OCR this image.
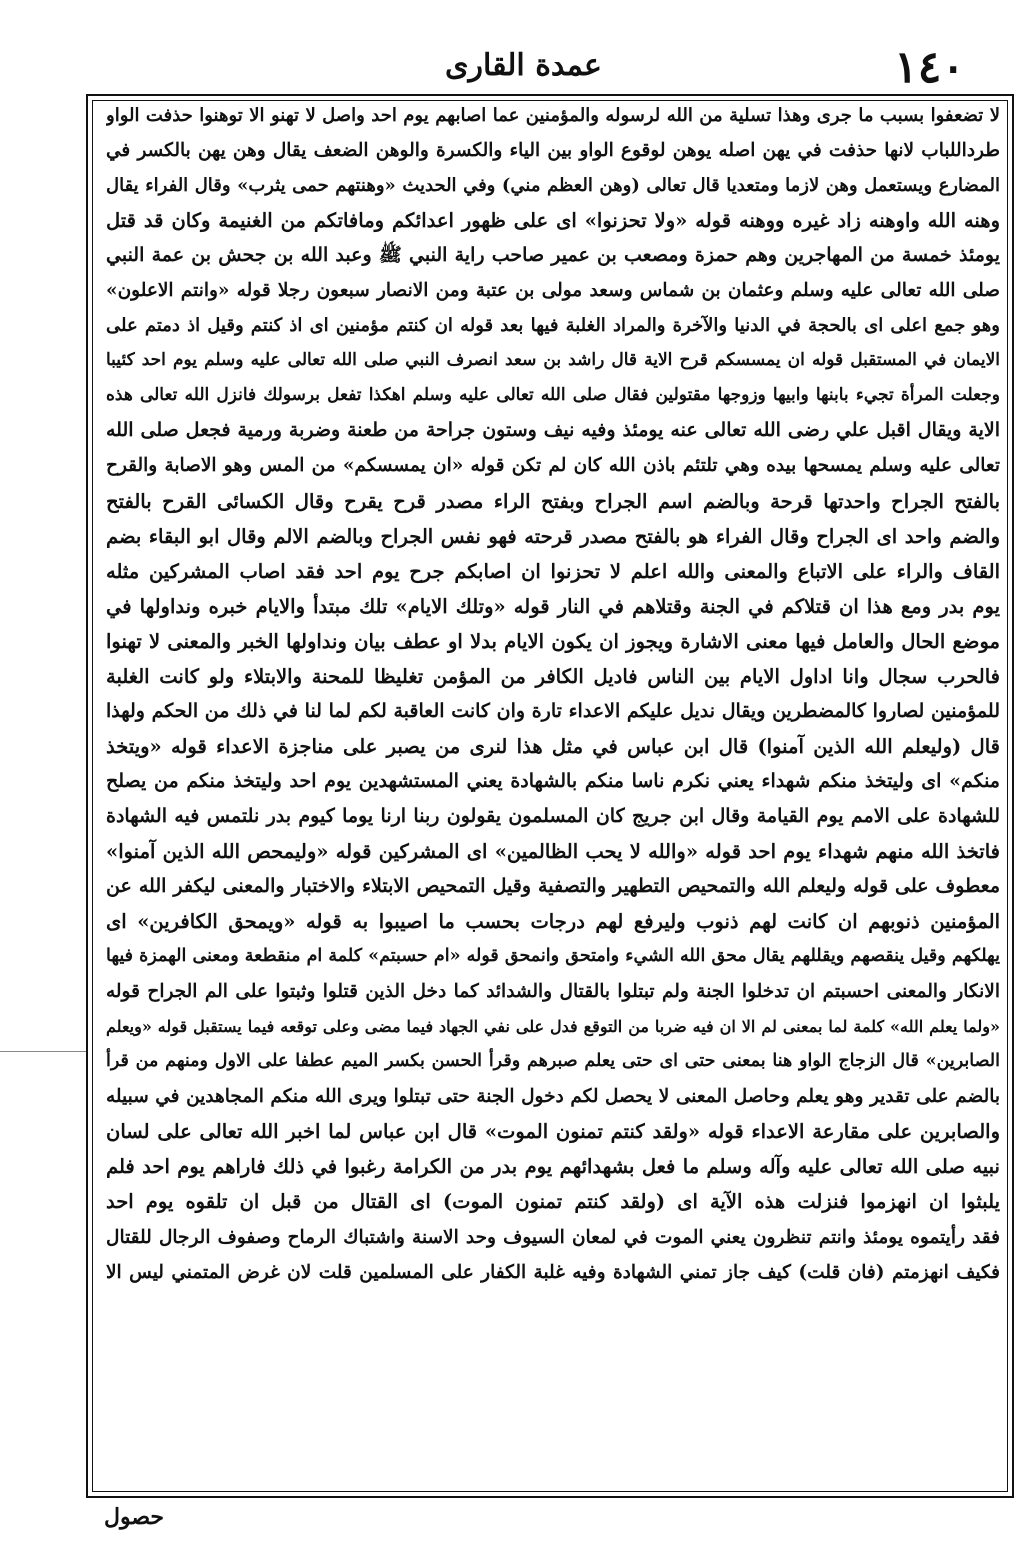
١٤٠
عمدة القارى
لا تضعفوا بسبب ما جرى وهذا تسلية من الله لرسوله والمؤمنين عما اصابهم يوم احد واصل لا تهنو الا توهنوا حذفت الواو
طرداللباب لانها حذفت في يهن اصله يوهن لوقوع الواو بين الياء والكسرة والوهن الضعف يقال وهن يهن بالكسر في
المضارع ويستعمل وهن لازما ومتعديا قال تعالى (وهن العظم مني) وفي الحديث «وهنتهم حمى يثرب» وقال الفراء يقال
وهنه الله واوهنه زاد غيره ووهنه قوله «ولا تحزنوا» اى على ظهور اعدائكم ومافاتكم من الغنيمة وكان قد قتل
يومئذ خمسة من المهاجرين وهم حمزة ومصعب بن عمير صاحب راية النبي ﷺ وعبد الله بن جحش بن عمة النبي
صلى الله تعالى عليه وسلم وعثمان بن شماس وسعد مولى بن عتبة ومن الانصار سبعون رجلا قوله «وانتم الاعلون»
وهو جمع اعلى اى بالحجة في الدنيا والآخرة والمراد الغلبة فيها بعد قوله ان كنتم مؤمنين اى اذ كنتم وقيل اذ دمتم على
الايمان في المستقبل قوله ان يمسسكم قرح الاية قال راشد بن سعد انصرف النبي صلى الله تعالى عليه وسلم يوم احد كئيبا
وجعلت المرأة تجيء بابنها وابيها وزوجها مقتولين فقال صلى الله تعالى عليه وسلم اهكذا تفعل برسولك فانزل الله تعالى هذه
الاية ويقال اقبل علي رضى الله تعالى عنه يومئذ وفيه نيف وستون جراحة من طعنة وضربة ورمية فجعل صلى الله
تعالى عليه وسلم يمسحها بيده وهي تلتئم باذن الله كان لم تكن قوله «ان يمسسكم» من المس وهو الاصابة والقرح
بالفتح الجراح واحدتها قرحة وبالضم اسم الجراح وبفتح الراء مصدر قرح يقرح وقال الكسائى القرح بالفتح
والضم واحد اى الجراح وقال الفراء هو بالفتح مصدر قرحته فهو نفس الجراح وبالضم الالم وقال ابو البقاء بضم
القاف والراء على الاتباع والمعنى والله اعلم لا تحزنوا ان اصابكم جرح يوم احد فقد اصاب المشركين مثله
يوم بدر ومع هذا ان قتلاكم في الجنة وقتلاهم في النار قوله «وتلك الايام» تلك مبتدأ والايام خبره ونداولها في
موضع الحال والعامل فيها معنى الاشارة ويجوز ان يكون الايام بدلا او عطف بيان ونداولها الخبر والمعنى لا تهنوا
فالحرب سجال وانا اداول الايام بين الناس فاديل الكافر من المؤمن تغليظا للمحنة والابتلاء ولو كانت الغلبة
للمؤمنين لصاروا كالمضطرين ويقال نديل عليكم الاعداء تارة وان كانت العاقبة لكم لما لنا في ذلك من الحكم ولهذا
قال (وليعلم الله الذين آمنوا) قال ابن عباس في مثل هذا لنرى من يصبر على مناجزة الاعداء قوله «ويتخذ
منكم» اى وليتخذ منكم شهداء يعني نكرم ناسا منكم بالشهادة يعني المستشهدين يوم احد وليتخذ منكم من يصلح
للشهادة على الامم يوم القيامة وقال ابن جريج كان المسلمون يقولون ربنا ارنا يوما كيوم بدر نلتمس فيه الشهادة
فاتخذ الله منهم شهداء يوم احد قوله «والله لا يحب الظالمين» اى المشركين قوله «وليمحص الله الذين آمنوا»
معطوف على قوله وليعلم الله والتمحيص التطهير والتصفية وقيل التمحيص الابتلاء والاختبار والمعنى ليكفر الله عن
المؤمنين ذنوبهم ان كانت لهم ذنوب وليرفع لهم درجات بحسب ما اصيبوا به قوله «ويمحق الكافرين» اى
يهلكهم وقيل ينقصهم ويقللهم يقال محق الله الشيء وامتحق وانمحق قوله «ام حسبتم» كلمة ام منقطعة ومعنى الهمزة فيها
الانكار والمعنى احسبتم ان تدخلوا الجنة ولم تبتلوا بالقتال والشدائد كما دخل الذين قتلوا وثبتوا على الم الجراح قوله
«ولما يعلم الله» كلمة لما بمعنى لم الا ان فيه ضربا من التوقع فدل على نفي الجهاد فيما مضى وعلى توقعه فيما يستقبل قوله «ويعلم
الصابرين» قال الزجاج الواو هنا بمعنى حتى اى حتى يعلم صبرهم وقرأ الحسن بكسر الميم عطفا على الاول ومنهم من قرأ
بالضم على تقدير وهو يعلم وحاصل المعنى لا يحصل لكم دخول الجنة حتى تبتلوا ويرى الله منكم المجاهدين في سبيله
والصابرين على مقارعة الاعداء قوله «ولقد كنتم تمنون الموت» قال ابن عباس لما اخبر الله تعالى على لسان
نبيه صلى الله تعالى عليه وآله وسلم ما فعل بشهدائهم يوم بدر من الكرامة رغبوا في ذلك فاراهم يوم احد فلم
يلبثوا ان انهزموا فنزلت هذه الآية اى (ولقد كنتم تمنون الموت) اى القتال من قبل ان تلقوه يوم احد
فقد رأيتموه يومئذ وانتم تنظرون يعني الموت في لمعان السيوف وحد الاسنة واشتباك الرماح وصفوف الرجال للقتال
فكيف انهزمتم (فان قلت) كيف جاز تمني الشهادة وفيه غلبة الكفار على المسلمين قلت لان غرض المتمني ليس الا
حصول
